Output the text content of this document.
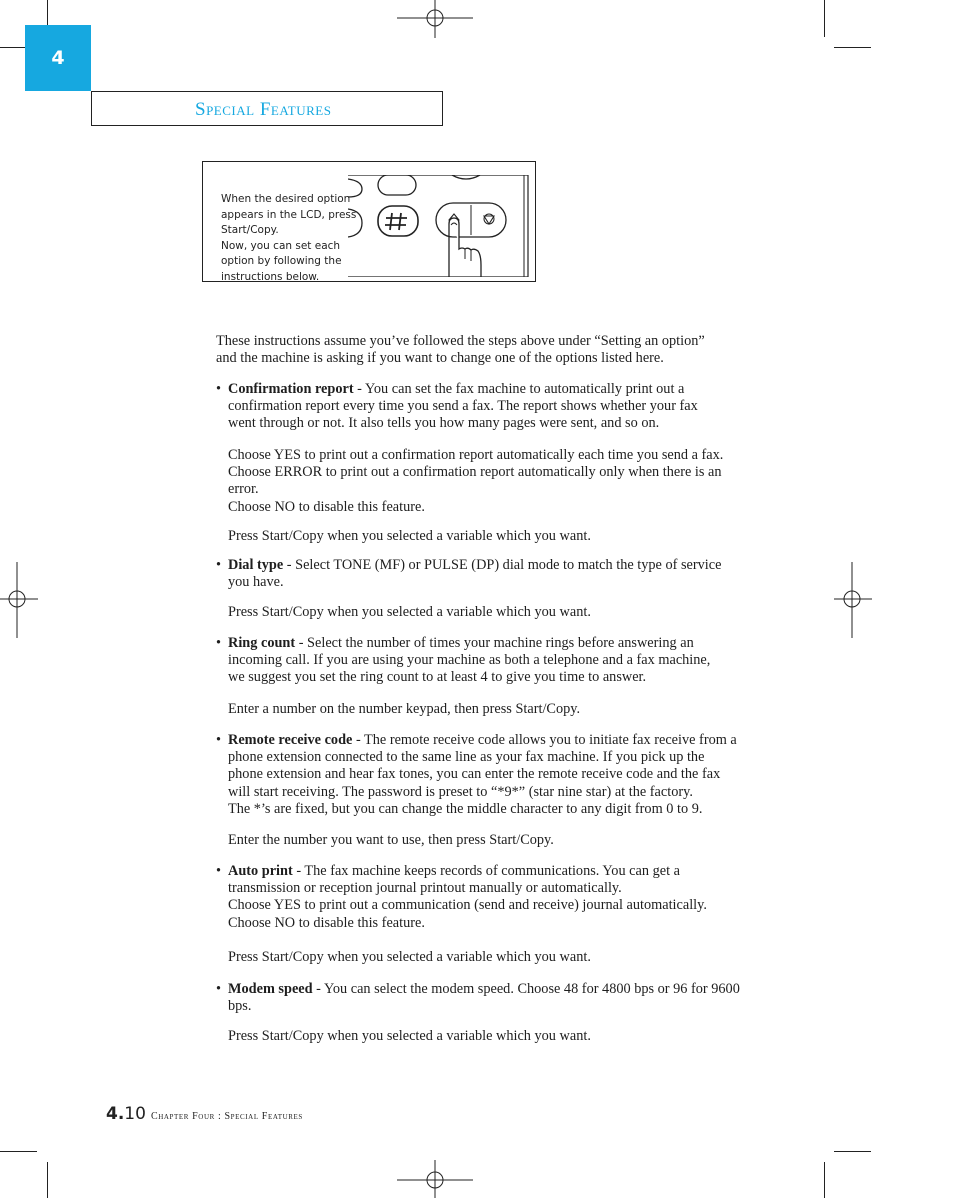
4
Special Features
When the desired option
appears in the LCD, press
Start/Copy.
Now, you can set each
option by following the
instructions below.
These instructions assume you’ve followed the steps above under “Setting an option”
and the machine is asking if you want to change one of the options listed here.
• Confirmation report - You can set the fax machine to automatically print out a
confirmation report every time you send a fax. The report shows whether your fax
went through or not. It also tells you how many pages were sent, and so on.
Choose YES to print out a confirmation report automatically each time you send a fax.
Choose ERROR to print out a confirmation report automatically only when there is an
error.
Choose NO to disable this feature.
Press Start/Copy when you selected a variable which you want.
• Dial type - Select TONE (MF) or PULSE (DP) dial mode to match the type of service
you have.
Press Start/Copy when you selected a variable which you want.
• Ring count - Select the number of times your machine rings before answering an
incoming call. If you are using your machine as both a telephone and a fax machine,
we suggest you set the ring count to at least 4 to give you time to answer.
Enter a number on the number keypad, then press Start/Copy.
• Remote receive code - The remote receive code allows you to initiate fax receive from a
phone extension connected to the same line as your fax machine. If you pick up the
phone extension and hear fax tones, you can enter the remote receive code and the fax
will start receiving. The password is preset to “*9*” (star nine star) at the factory.
The *’s are fixed, but you can change the middle character to any digit from 0 to 9.
Enter the number you want to use, then press Start/Copy.
• Auto print - The fax machine keeps records of communications. You can get a
transmission or reception journal printout manually or automatically.
Choose YES to print out a communication (send and receive) journal automatically.
Choose NO to disable this feature.
Press Start/Copy when you selected a variable which you want.
• Modem speed - You can select the modem speed. Choose 48 for 4800 bps or 96 for 9600
bps.
Press Start/Copy when you selected a variable which you want.
4.10 Chapter Four : Special Features
